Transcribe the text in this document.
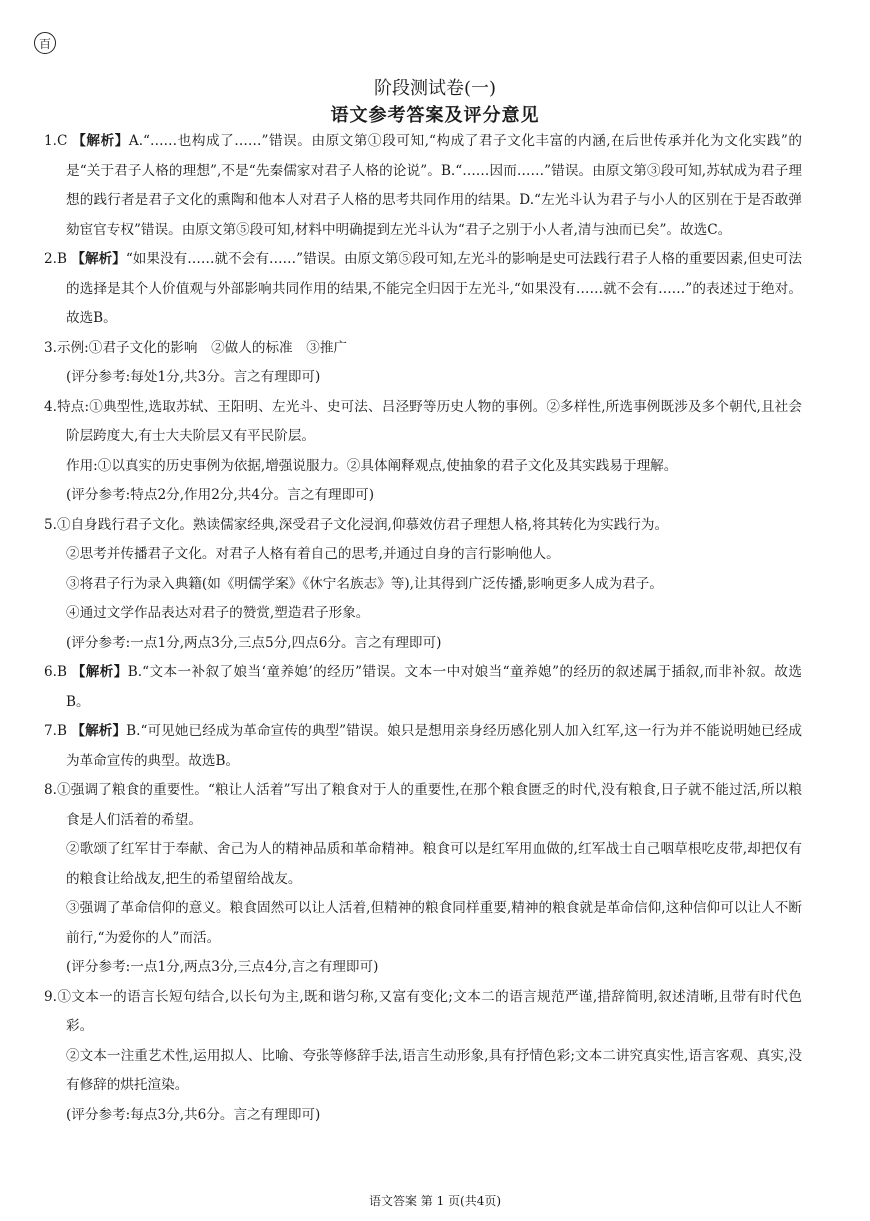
百
阶段测试卷(一)
语文参考答案及评分意见

1.C 【解析】A.“……也构成了……”错误。由原文第①段可知,“构成了君子文化丰富的内涵,在后世传承并化为文化实践”的是“关于君子人格的理想”,不是“先秦儒家对君子人格的论说”。B.“……因而……”错误。由原文第③段可知,苏轼成为君子理想的践行者是君子文化的熏陶和他本人对君子人格的思考共同作用的结果。D.“左光斗认为君子与小人的区别在于是否敢弹劾宦官专权”错误。由原文第⑤段可知,材料中明确提到左光斗认为“君子之别于小人者,清与浊而已矣”。故选C。

2.B 【解析】“如果没有……就不会有……”错误。由原文第⑤段可知,左光斗的影响是史可法践行君子人格的重要因素,但史可法的选择是其个人价值观与外部影响共同作用的结果,不能完全归因于左光斗,“如果没有……就不会有……”的表述过于绝对。故选B。

3.示例:①君子文化的影响　②做人的标准　③推广

(评分参考:每处1分,共3分。言之有理即可)

4.特点:①典型性,选取苏轼、王阳明、左光斗、史可法、吕泾野等历史人物的事例。②多样性,所选事例既涉及多个朝代,且社会阶层跨度大,有士大夫阶层又有平民阶层。

作用:①以真实的历史事例为依据,增强说服力。②具体阐释观点,使抽象的君子文化及其实践易于理解。

(评分参考:特点2分,作用2分,共4分。言之有理即可)

5.①自身践行君子文化。熟读儒家经典,深受君子文化浸润,仰慕效仿君子理想人格,将其转化为实践行为。

②思考并传播君子文化。对君子人格有着自己的思考,并通过自身的言行影响他人。

③将君子行为录入典籍(如《明儒学案》《休宁名族志》等),让其得到广泛传播,影响更多人成为君子。

④通过文学作品表达对君子的赞赏,塑造君子形象。

(评分参考:一点1分,两点3分,三点5分,四点6分。言之有理即可)

6.B 【解析】B.“文本一补叙了娘当‘童养媳’的经历”错误。文本一中对娘当“童养媳”的经历的叙述属于插叙,而非补叙。故选B。

7.B 【解析】B.“可见她已经成为革命宣传的典型”错误。娘只是想用亲身经历感化别人加入红军,这一行为并不能说明她已经成为革命宣传的典型。故选B。

8.①强调了粮食的重要性。“粮让人活着”写出了粮食对于人的重要性,在那个粮食匮乏的时代,没有粮食,日子就不能过活,所以粮食是人们活着的希望。

②歌颂了红军甘于奉献、舍己为人的精神品质和革命精神。粮食可以是红军用血做的,红军战士自己咽草根吃皮带,却把仅有的粮食让给战友,把生的希望留给战友。

③强调了革命信仰的意义。粮食固然可以让人活着,但精神的粮食同样重要,精神的粮食就是革命信仰,这种信仰可以让人不断前行,“为爱你的人”而活。

(评分参考:一点1分,两点3分,三点4分,言之有理即可)

9.①文本一的语言长短句结合,以长句为主,既和谐匀称,又富有变化;文本二的语言规范严谨,措辞简明,叙述清晰,且带有时代色彩。

②文本一注重艺术性,运用拟人、比喻、夸张等修辞手法,语言生动形象,具有抒情色彩;文本二讲究真实性,语言客观、真实,没有修辞的烘托渲染。

(评分参考:每点3分,共6分。言之有理即可)

语文答案 第 1 页(共4页)
